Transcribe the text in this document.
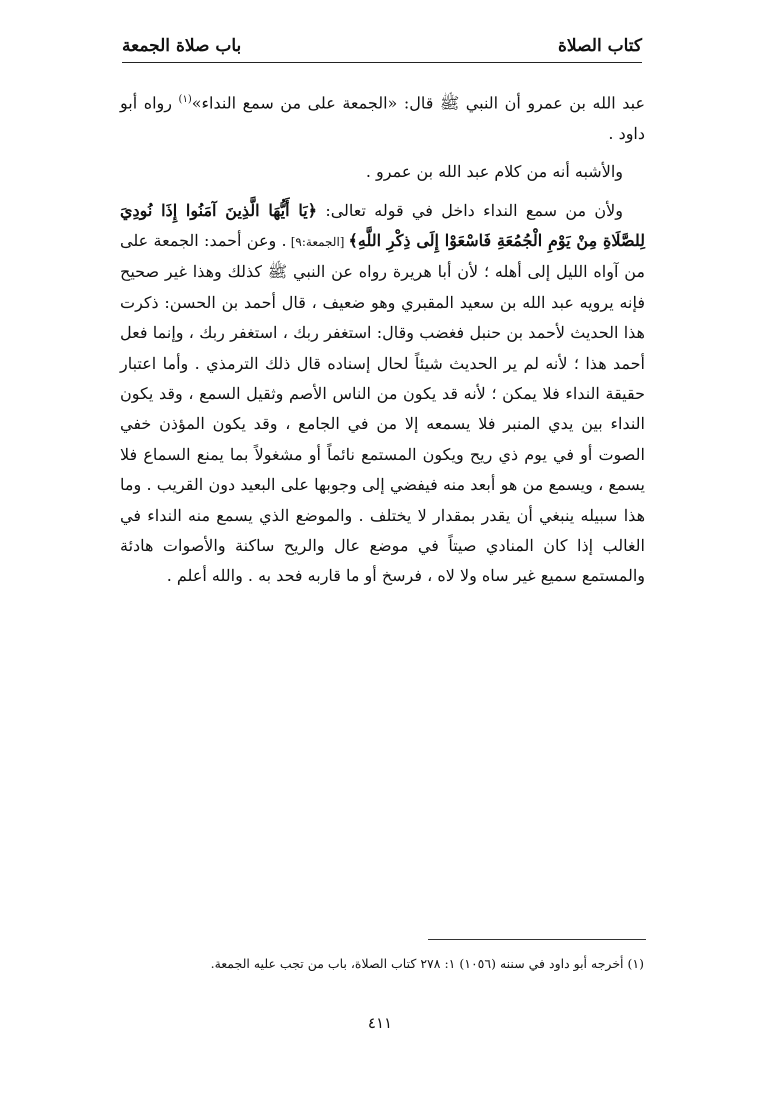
كتاب الصلاة
باب صلاة الجمعة

عبد الله بن عمرو أن النبي ﷺ قال: «الجمعة على من سمع النداء»$^{(١)}$ رواه أبو داود .

والأشبه أنه من كلام عبد الله بن عمرو .

ولأن من سمع النداء داخل في قوله تعالى: ﴿يَا أَيُّهَا الَّذِينَ آمَنُوا إِذَا نُودِيَ لِلصَّلَاةِ مِنْ يَوْمِ الْجُمُعَةِ فَاسْعَوْا إِلَى ذِكْرِ اللَّهِ﴾ [الجمعة:٩] . وعن أحمد: الجمعة على من آواه الليل إلى أهله ؛ لأن أبا هريرة رواه عن النبي ﷺ كذلك وهذا غير صحيح فإنه يرويه عبد الله بن سعيد المقبري وهو ضعيف ، قال أحمد بن الحسن: ذكرت هذا الحديث لأحمد بن حنبل فغضب وقال: استغفر ربك ، استغفر ربك ، وإنما فعل أحمد هذا ؛ لأنه لم ير الحديث شيئاً لحال إسناده قال ذلك الترمذي . وأما اعتبار حقيقة النداء فلا يمكن ؛ لأنه قد يكون من الناس الأصم وثقيل السمع ، وقد يكون النداء بين يدي المنبر فلا يسمعه إلا من في الجامع ، وقد يكون المؤذن خفي الصوت أو في يوم ذي ريح ويكون المستمع نائماً أو مشغولاً بما يمنع السماع فلا يسمع ، ويسمع من هو أبعد منه فيفضي إلى وجوبها على البعيد دون القريب . وما هذا سبيله ينبغي أن يقدر بمقدار لا يختلف . والموضع الذي يسمع منه النداء في الغالب إذا كان المنادي صيتاً في موضع عال والريح ساكنة والأصوات هادئة والمستمع سميع غير ساه ولا لاه ، فرسخ أو ما قاربه فحد به . والله أعلم .

(١) أخرجه أبو داود في سننه (١٠٥٦) ١: ٢٧٨ كتاب الصلاة، باب من تجب عليه الجمعة.
٤١١
